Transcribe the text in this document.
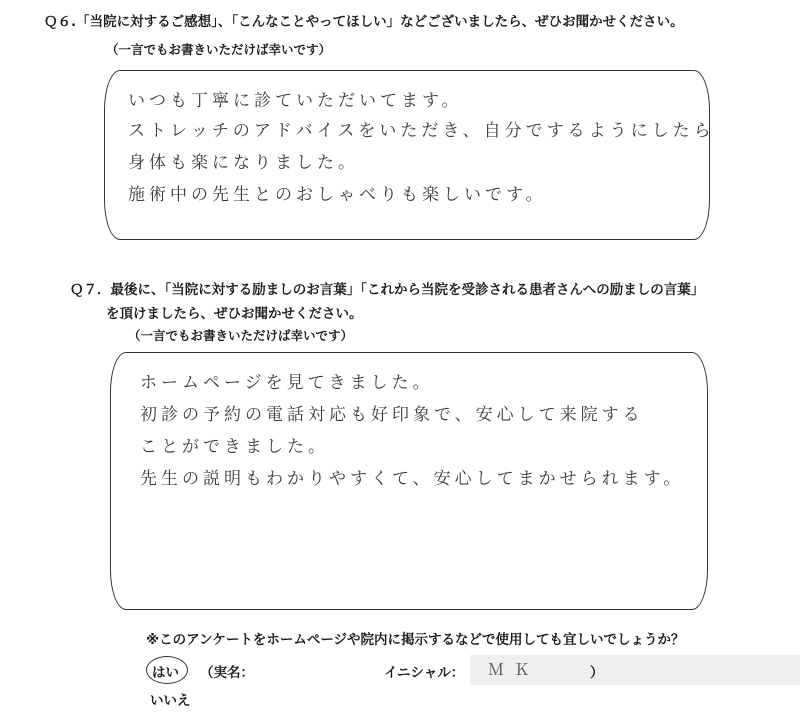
Ｑ６.「当院に対するご感想」、「こんなことやってほしい」などございましたら、ぜひお聞かせください。
（一言でもお書きいただけば幸いです）
いつも丁寧に診ていただいてます。
ストレッチのアドバイスをいただき、自分でするようにしたら
身体も楽になりました。
施術中の先生とのおしゃべりも楽しいです。
Ｑ７．最後に、「当院に対する励ましのお言葉」「これから当院を受診される患者さんへの励ましの言葉」
を頂けましたら、ぜひお聞かせください。
（一言でもお書きいただけば幸いです）
ホームページを見てきました。
初診の予約の電話対応も好印象で、安心して来院する
ことができました。
先生の説明もわかりやすくて、安心してまかせられます。
※このアンケートをホームページや院内に掲示するなどで使用しても宜しいでしょうか？
はい （実名：	イニシャル： ＭＫ	）
いいえ
